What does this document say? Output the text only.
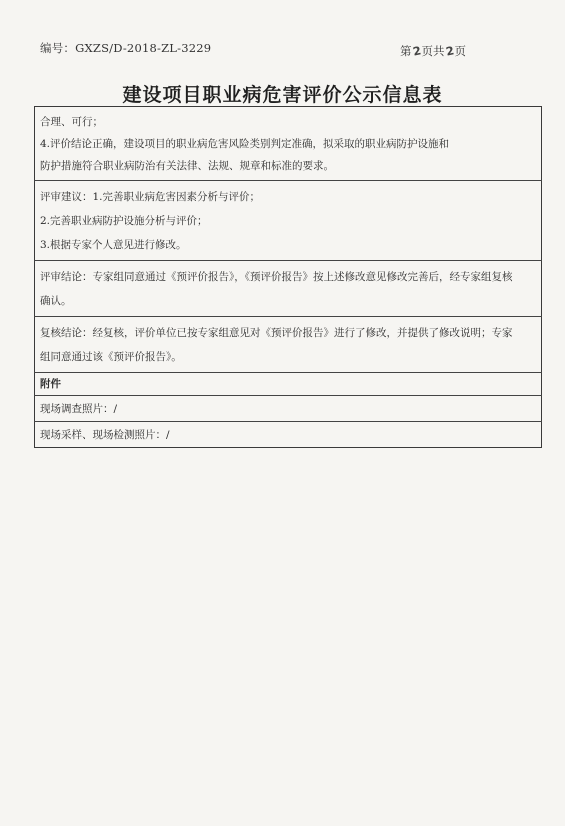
编号：GXZS/D-2018-ZL-3229	第2页共2页
建设项目职业病危害评价公示信息表

合理、可行；

4.评价结论正确，建设项目的职业病危害风险类别判定准确，拟采取的职业病防护设施和

防护措施符合职业病防治有关法律、法规、规章和标准的要求。

评审建议：1.完善职业病危害因素分析与评价；

2.完善职业病防护设施分析与评价；

3.根据专家个人意见进行修改。

评审结论：专家组同意通过《预评价报告》，《预评价报告》按上述修改意见修改完善后，经专家组复核

确认。

复核结论：经复核，评价单位已按专家组意见对《预评价报告》进行了修改，并提供了修改说明；专家

组同意通过该《预评价报告》。

附件
现场调查照片：/
现场采样、现场检测照片：/
